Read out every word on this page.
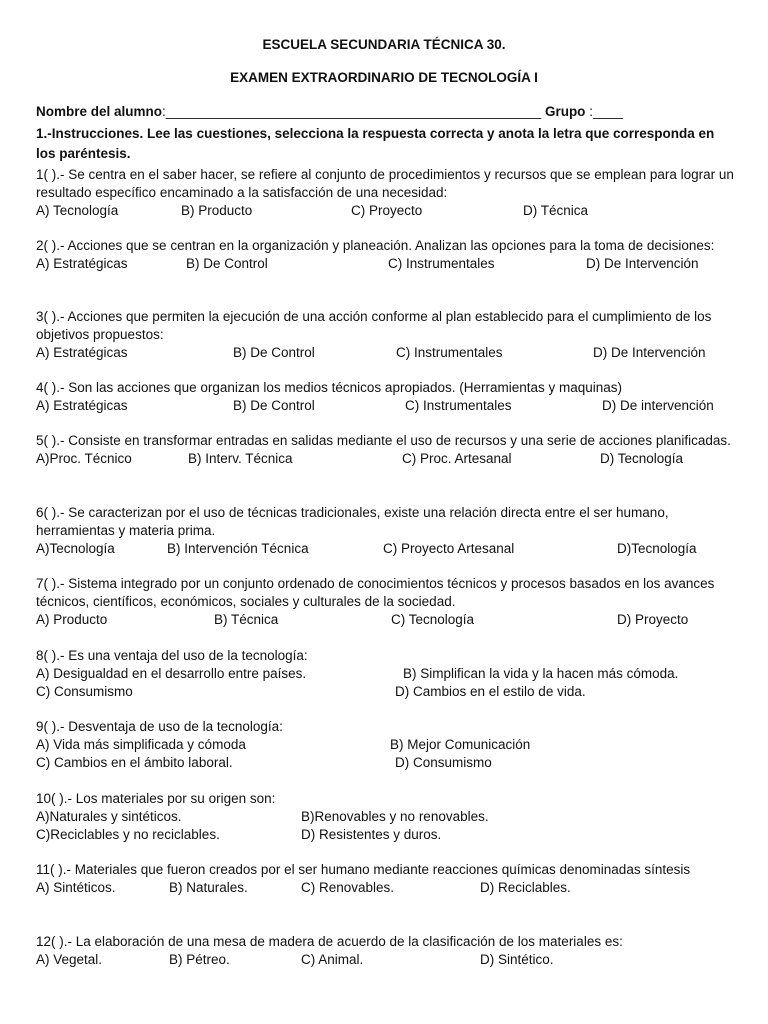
ESCUELA SECUNDARIA TÉCNICA 30.
EXAMEN EXTRAORDINARIO DE TECNOLOGÍA I
Nombre del alumno:__________________________________________________ Grupo :____
1.-Instrucciones. Lee las cuestiones, selecciona la respuesta correcta y anota la letra que corresponda en los paréntesis.
1( ).- Se centra en el saber hacer, se refiere al conjunto de procedimientos y recursos que se emplean para lograr un resultado específico encaminado a la satisfacción de una necesidad:
A) Tecnología	B) Producto	C) Proyecto	D) Técnica
2( ).- Acciones que se centran en la organización y planeación. Analizan las opciones para la toma de decisiones:
A) Estratégicas	B) De Control	C) Instrumentales	D) De Intervención
3( ).- Acciones que permiten la ejecución de una acción conforme al plan establecido para el cumplimiento de los objetivos propuestos:
A) Estratégicas	B) De Control	C) Instrumentales	D) De Intervención
4( ).- Son las acciones que organizan los medios técnicos apropiados. (Herramientas y maquinas)
A) Estratégicas	B) De Control	C) Instrumentales	D) De intervención
5( ).- Consiste en transformar entradas en salidas mediante el uso de recursos y una serie de acciones planificadas.
A)Proc. Técnico	B) Interv. Técnica	C) Proc. Artesanal	D) Tecnología
6( ).- Se caracterizan por el uso de técnicas tradicionales, existe una relación directa entre el ser humano, herramientas y materia prima.
A)Tecnología	B) Intervención Técnica	C) Proyecto Artesanal	D)Tecnología
7( ).- Sistema integrado por un conjunto ordenado de conocimientos técnicos y procesos basados en los avances técnicos, científicos, económicos, sociales y culturales de la sociedad.
A) Producto	B) Técnica	C) Tecnología	D) Proyecto
8( ).- Es una ventaja del uso de la tecnología:
A) Desigualdad en el desarrollo entre países.	B) Simplifican la vida y la hacen más cómoda.
C) Consumismo	D) Cambios en el estilo de vida.
9( ).- Desventaja de uso de la tecnología:
A) Vida más simplificada y cómoda	B) Mejor Comunicación
C) Cambios en el ámbito laboral.	D) Consumismo
10( ).- Los materiales por su origen son:
A)Naturales y sintéticos.	B)Renovables y no renovables.
C)Reciclables y no reciclables.	D) Resistentes y duros.
11( ).- Materiales que fueron creados por el ser humano mediante reacciones químicas denominadas síntesis
A) Sintéticos.	B) Naturales.	C) Renovables.	D) Reciclables.
12( ).- La elaboración de una mesa de madera de acuerdo de la clasificación de los materiales es:
A) Vegetal.	B) Pétreo.	C) Animal.	D) Sintético.
